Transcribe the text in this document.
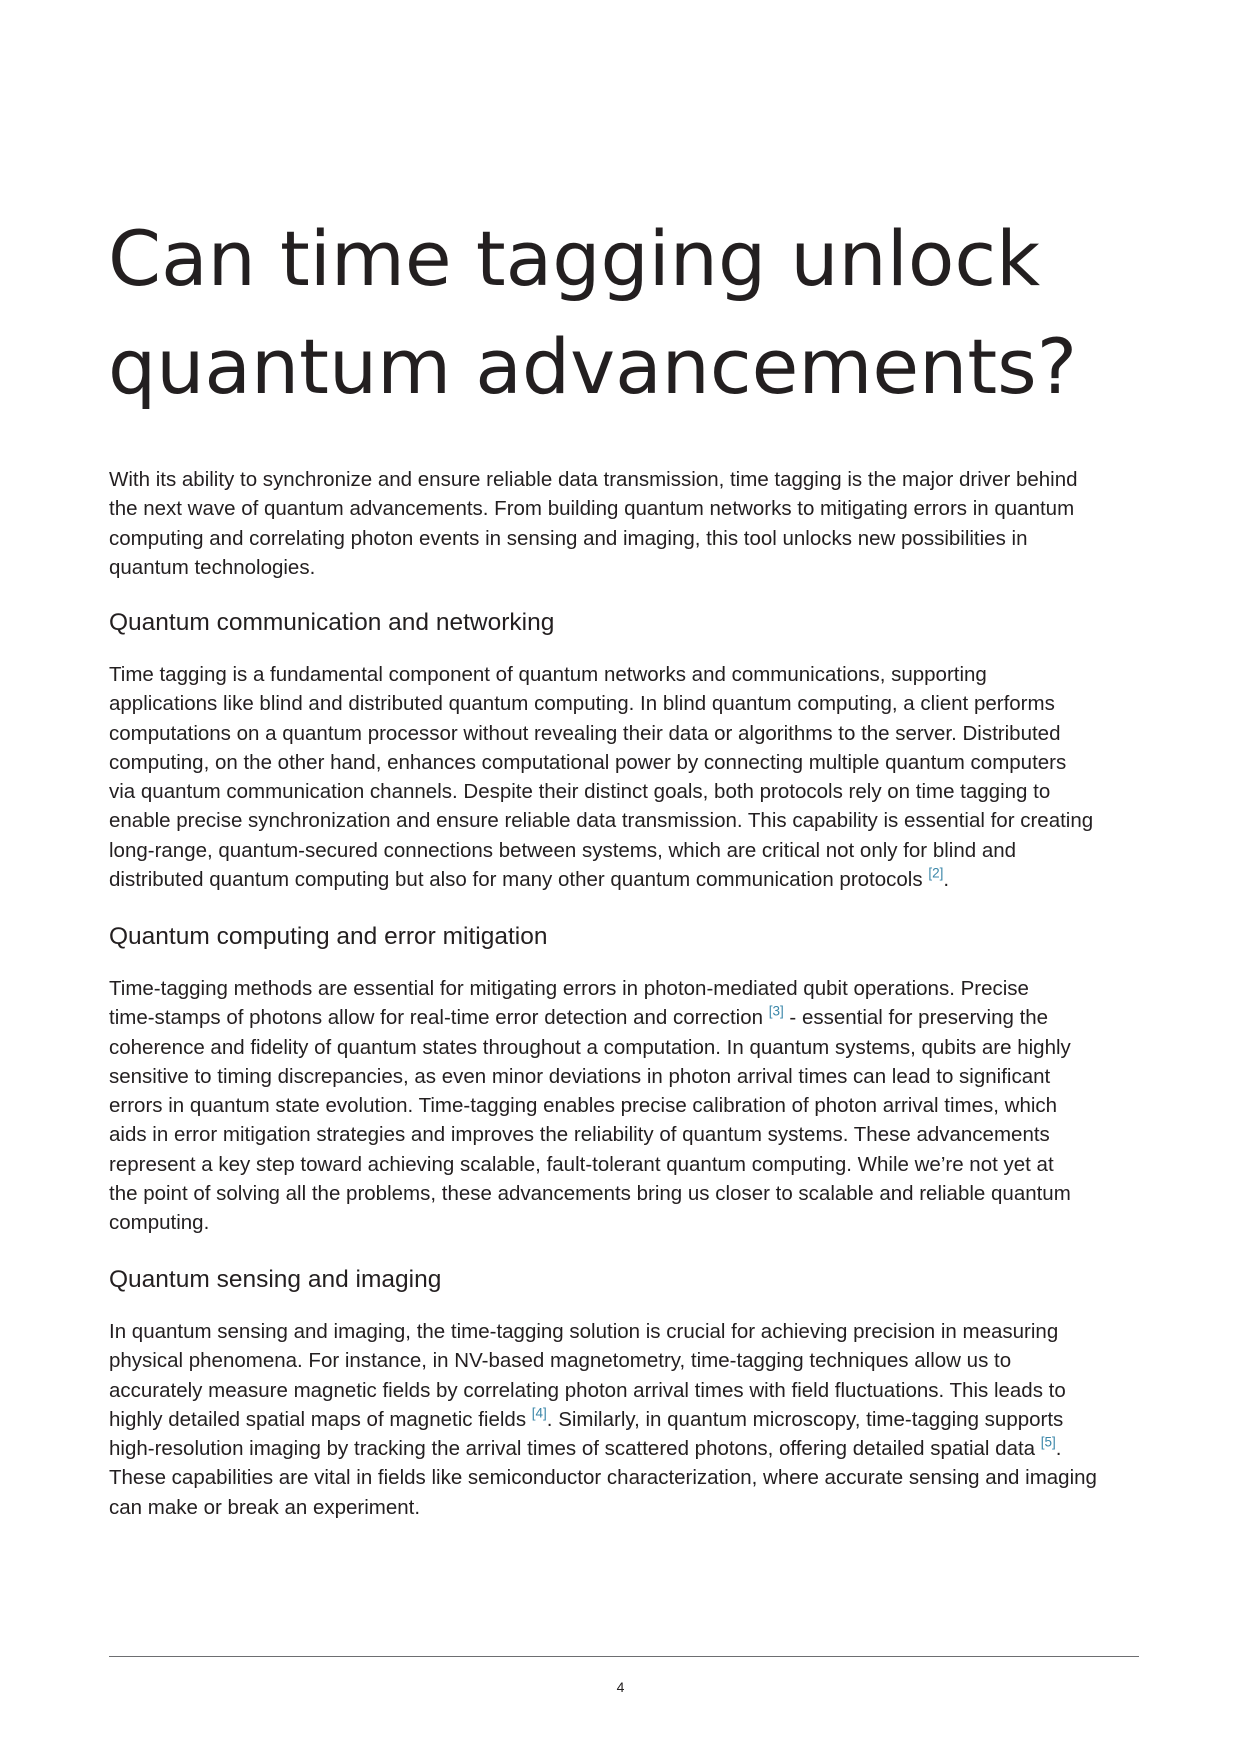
Can time tagging unlock
quantum advancements?

With its ability to synchronize and ensure reliable data transmission, time tagging is the major driver behind
the next wave of quantum advancements. From building quantum networks to mitigating errors in quantum
computing and correlating photon events in sensing and imaging, this tool unlocks new possibilities in
quantum technologies.

Quantum communication and networking

Time tagging is a fundamental component of quantum networks and communications, supporting
applications like blind and distributed quantum computing. In blind quantum computing, a client performs
computations on a quantum processor without revealing their data or algorithms to the server. Distributed
computing, on the other hand, enhances computational power by connecting multiple quantum computers
via quantum communication channels. Despite their distinct goals, both protocols rely on time tagging to
enable precise synchronization and ensure reliable data transmission. This capability is essential for creating
long-range, quantum-secured connections between systems, which are critical not only for blind and
distributed quantum computing but also for many other quantum communication protocols [2].

Quantum computing and error mitigation

Time-tagging methods are essential for mitigating errors in photon-mediated qubit operations. Precise
time-stamps of photons allow for real-time error detection and correction [3] - essential for preserving the
coherence and fidelity of quantum states throughout a computation. In quantum systems, qubits are highly
sensitive to timing discrepancies, as even minor deviations in photon arrival times can lead to significant
errors in quantum state evolution. Time-tagging enables precise calibration of photon arrival times, which
aids in error mitigation strategies and improves the reliability of quantum systems. These advancements
represent a key step toward achieving scalable, fault-tolerant quantum computing. While we’re not yet at
the point of solving all the problems, these advancements bring us closer to scalable and reliable quantum
computing.

Quantum sensing and imaging

In quantum sensing and imaging, the time-tagging solution is crucial for achieving precision in measuring
physical phenomena. For instance, in NV-based magnetometry, time-tagging techniques allow us to
accurately measure magnetic fields by correlating photon arrival times with field fluctuations. This leads to
highly detailed spatial maps of magnetic fields [4]. Similarly, in quantum microscopy, time-tagging supports
high-resolution imaging by tracking the arrival times of scattered photons, offering detailed spatial data [5].
These capabilities are vital in fields like semiconductor characterization, where accurate sensing and imaging
can make or break an experiment.

4
